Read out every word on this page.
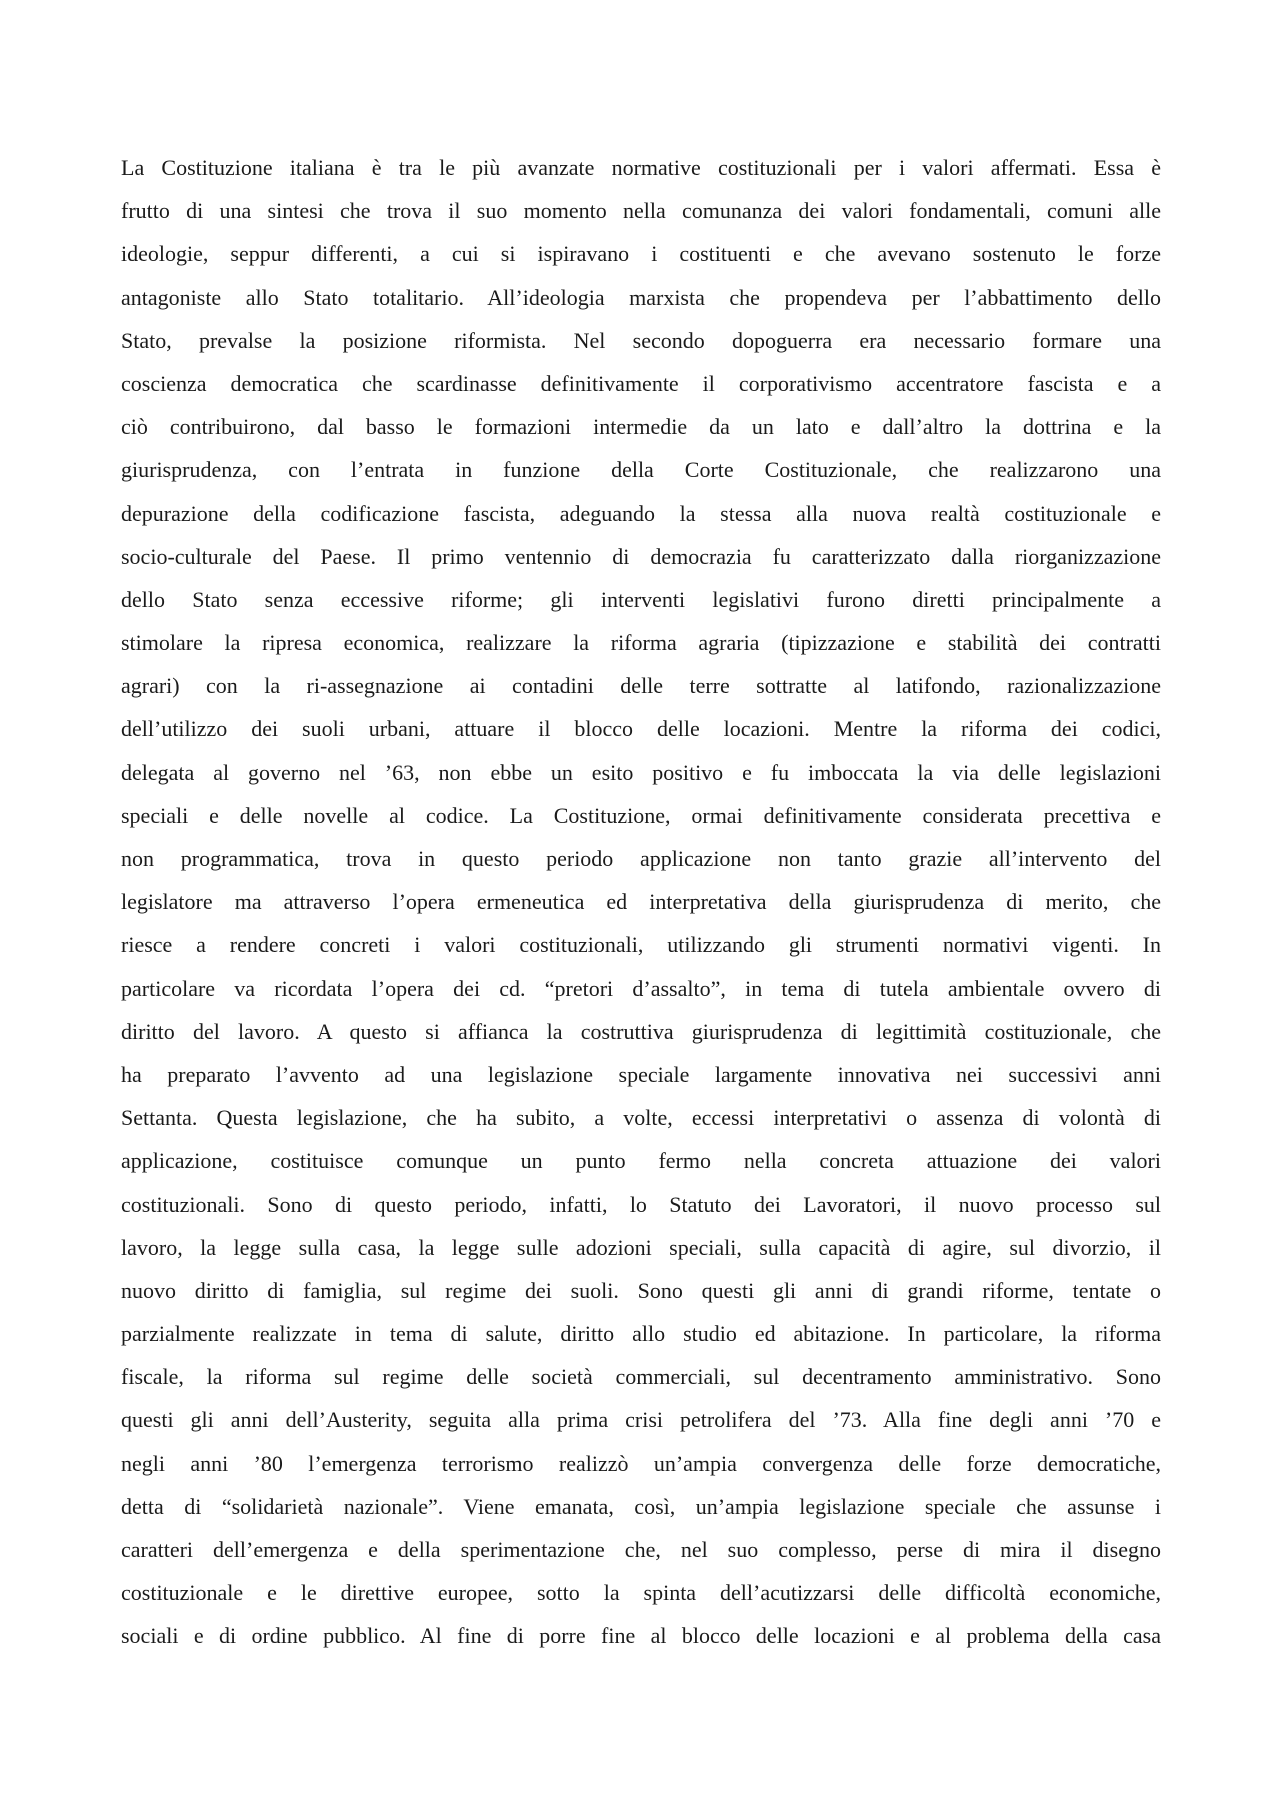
La Costituzione italiana è tra le più avanzate normative costituzionali per i valori affermati. Essa è
frutto di una sintesi che trova il suo momento nella comunanza dei valori fondamentali, comuni alle
ideologie, seppur differenti, a cui si ispiravano i costituenti e che avevano sostenuto le forze
antagoniste allo Stato totalitario. All’ideologia marxista che propendeva per l’abbattimento dello
Stato, prevalse la posizione riformista. Nel secondo dopoguerra era necessario formare una
coscienza democratica che scardinasse definitivamente il corporativismo accentratore fascista e a
ciò contribuirono, dal basso le formazioni intermedie da un lato e dall’altro la dottrina e la
giurisprudenza, con l’entrata in funzione della Corte Costituzionale, che realizzarono una
depurazione della codificazione fascista, adeguando la stessa alla nuova realtà costituzionale e
socio-culturale del Paese. Il primo ventennio di democrazia fu caratterizzato dalla riorganizzazione
dello Stato senza eccessive riforme; gli interventi legislativi furono diretti principalmente a
stimolare la ripresa economica, realizzare la riforma agraria (tipizzazione e stabilità dei contratti
agrari) con la ri-assegnazione ai contadini delle terre sottratte al latifondo, razionalizzazione
dell’utilizzo dei suoli urbani, attuare il blocco delle locazioni. Mentre la riforma dei codici,
delegata al governo nel ’63, non ebbe un esito positivo e fu imboccata la via delle legislazioni
speciali e delle novelle al codice. La Costituzione, ormai definitivamente considerata precettiva e
non programmatica, trova in questo periodo applicazione non tanto grazie all’intervento del
legislatore ma attraverso l’opera ermeneutica ed interpretativa della giurisprudenza di merito, che
riesce a rendere concreti i valori costituzionali, utilizzando gli strumenti normativi vigenti. In
particolare va ricordata l’opera dei cd. “pretori d’assalto”, in tema di tutela ambientale ovvero di
diritto del lavoro. A questo si affianca la costruttiva giurisprudenza di legittimità costituzionale, che
ha preparato l’avvento ad una legislazione speciale largamente innovativa nei successivi anni
Settanta. Questa legislazione, che ha subito, a volte, eccessi interpretativi o assenza di volontà di
applicazione, costituisce comunque un punto fermo nella concreta attuazione dei valori
costituzionali. Sono di questo periodo, infatti, lo Statuto dei Lavoratori, il nuovo processo sul
lavoro, la legge sulla casa, la legge sulle adozioni speciali, sulla capacità di agire, sul divorzio, il
nuovo diritto di famiglia, sul regime dei suoli. Sono questi gli anni di grandi riforme, tentate o
parzialmente realizzate in tema di salute, diritto allo studio ed abitazione. In particolare, la riforma
fiscale, la riforma sul regime delle società commerciali, sul decentramento amministrativo. Sono
questi gli anni dell’Austerity, seguita alla prima crisi petrolifera del ’73. Alla fine degli anni ’70 e
negli anni ’80 l’emergenza terrorismo realizzò un’ampia convergenza delle forze democratiche,
detta di “solidarietà nazionale”. Viene emanata, così, un’ampia legislazione speciale che assunse i
caratteri dell’emergenza e della sperimentazione che, nel suo complesso, perse di mira il disegno
costituzionale e le direttive europee, sotto la spinta dell’acutizzarsi delle difficoltà economiche,
sociali e di ordine pubblico. Al fine di porre fine al blocco delle locazioni e al problema della casa
